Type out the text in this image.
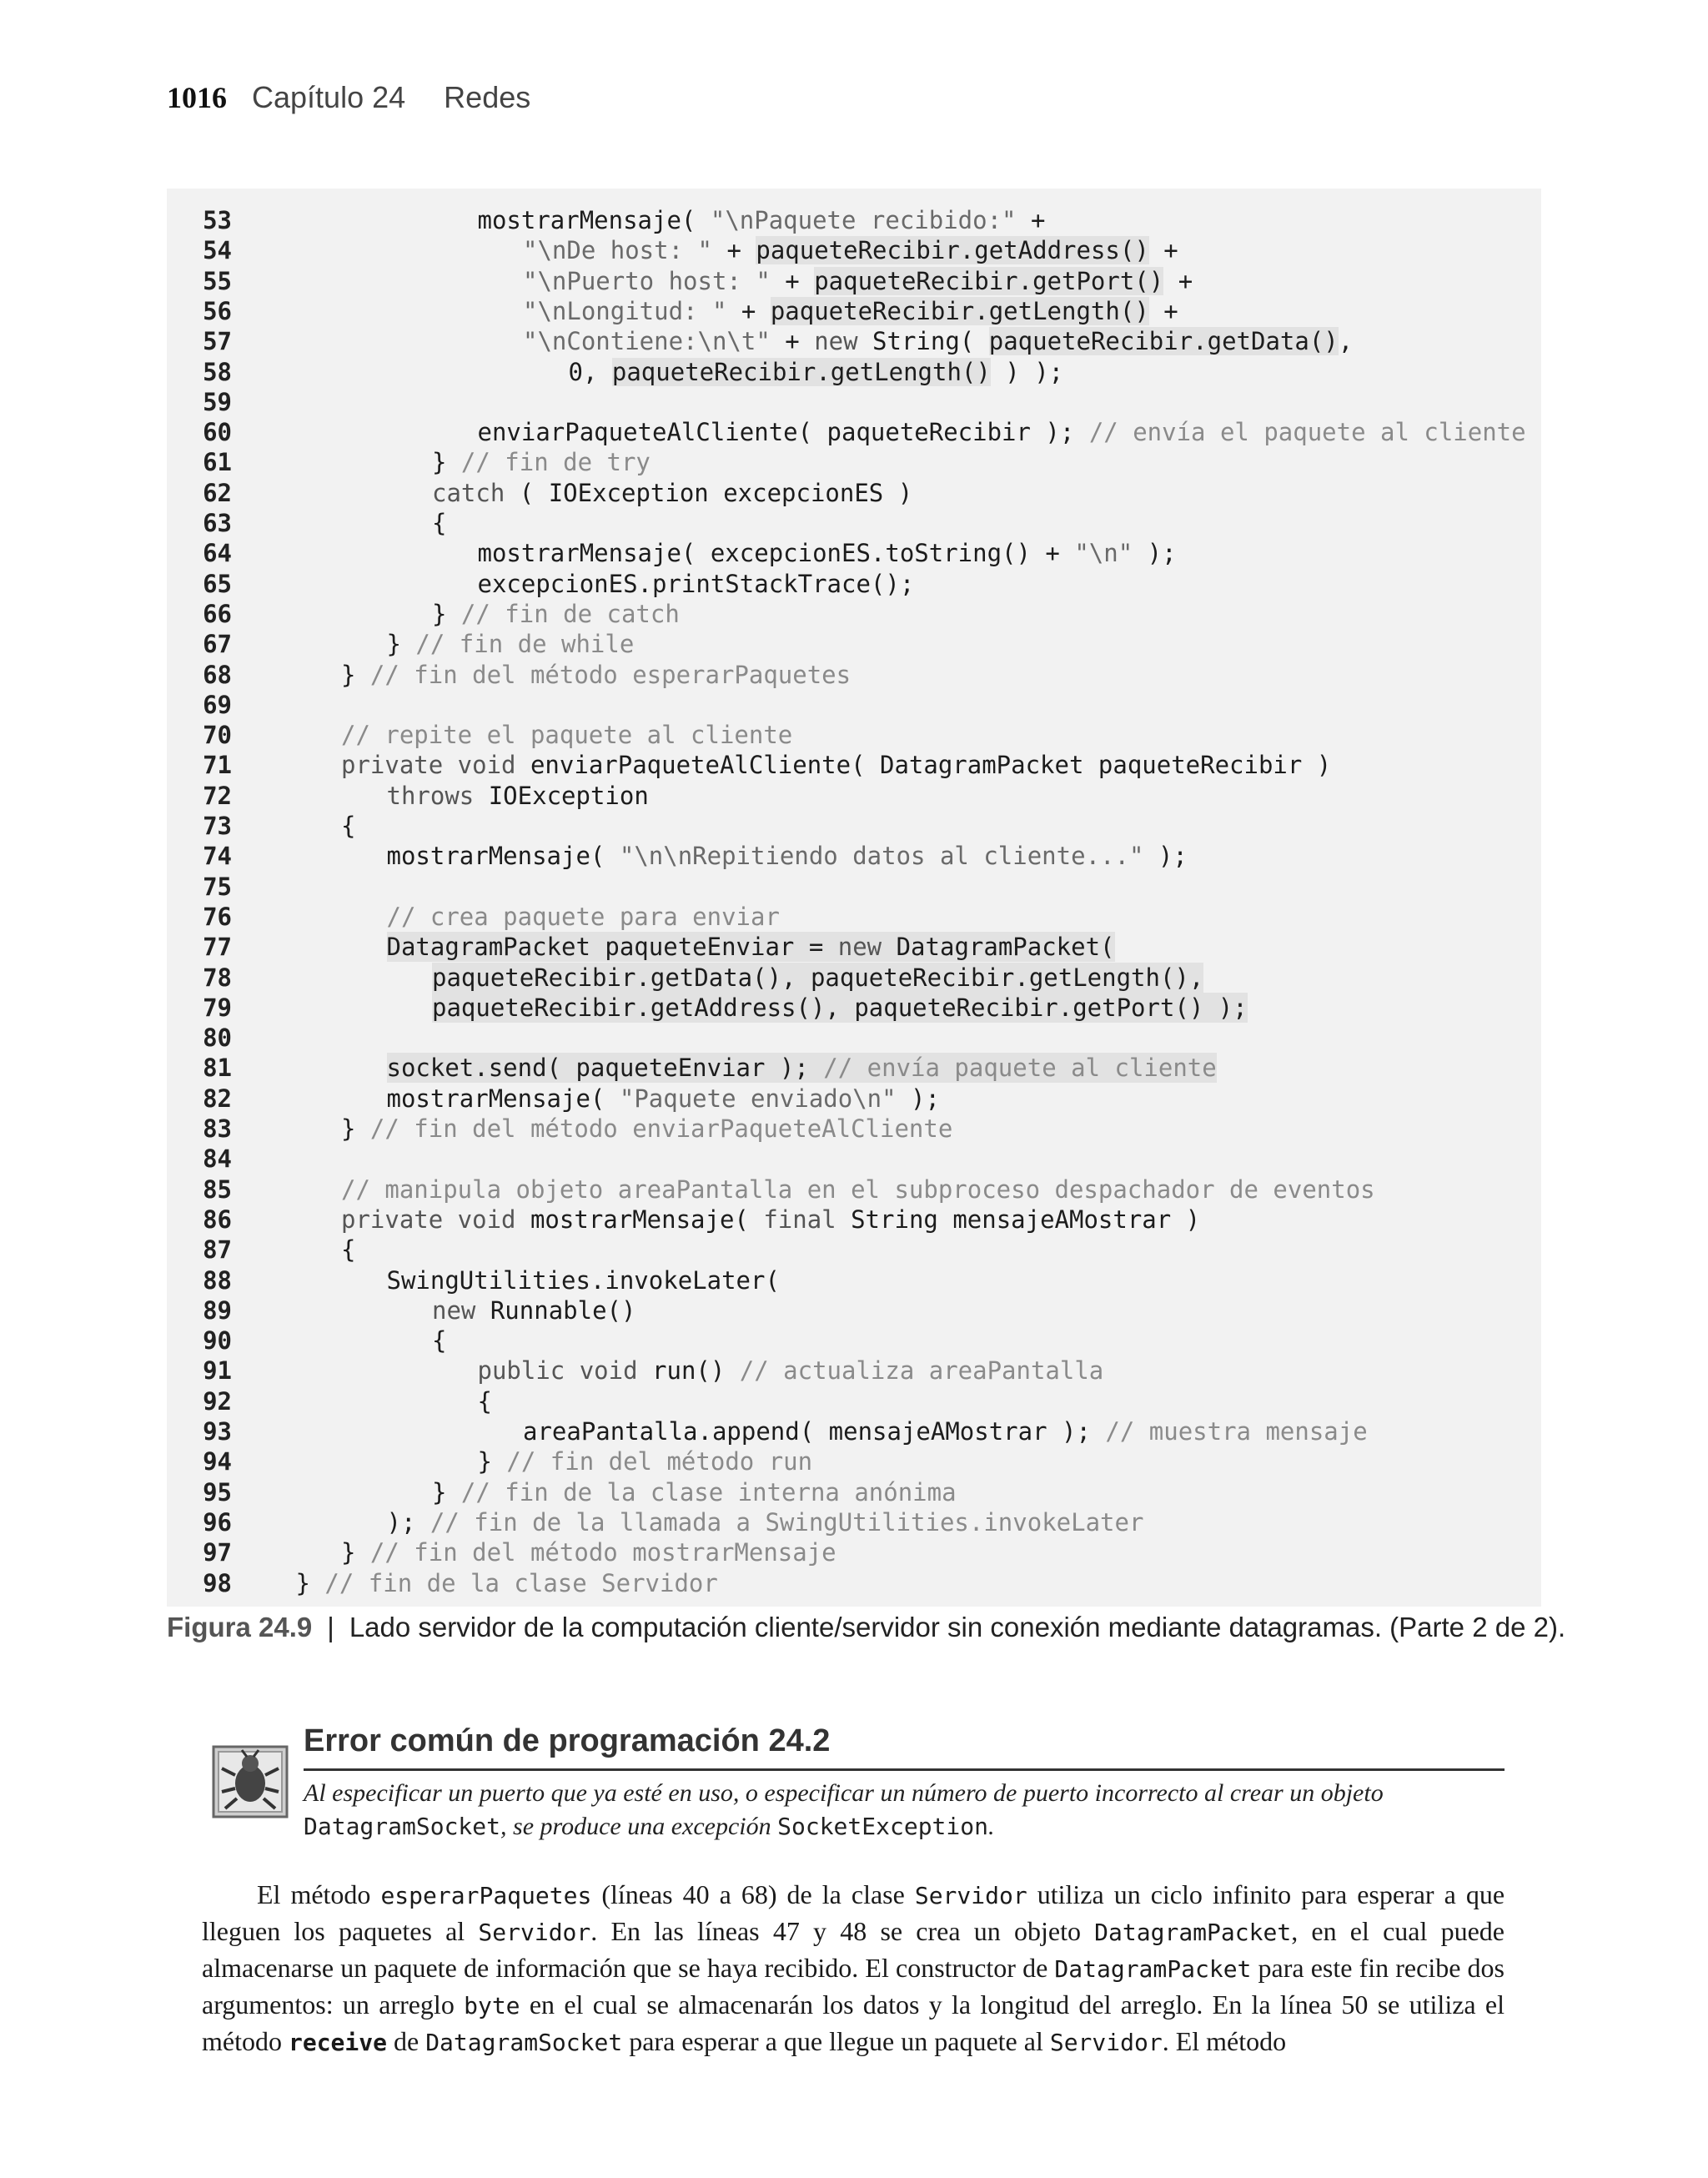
1016 Capítulo 24 Redes
53	mostrarMensaje( "\nPaquete recibido:" +
54	"\nDe host: " + paqueteRecibir.getAddress() +
55	"\nPuerto host: " + paqueteRecibir.getPort() +
56	"\nLongitud: " + paqueteRecibir.getLength() +
57	"\nContiene:\n\t" + new String( paqueteRecibir.getData(),
58	0, paqueteRecibir.getLength() ) );
59
60	enviarPaqueteAlCliente( paqueteRecibir ); // envía el paquete al cliente
61	} // fin de try
62	catch ( IOException excepcionES )
63	{
64	mostrarMensaje( excepcionES.toString() + "\n" );
65	excepcionES.printStackTrace();
66	} // fin de catch
67	} // fin de while
68	} // fin del método esperarPaquetes
69
70	// repite el paquete al cliente
71	private void enviarPaqueteAlCliente( DatagramPacket paqueteRecibir )
72	throws IOException
73	{
74	mostrarMensaje( "\n\nRepitiendo datos al cliente..." );
75
76	// crea paquete para enviar
77	DatagramPacket paqueteEnviar = new DatagramPacket(
78	paqueteRecibir.getData(), paqueteRecibir.getLength(),
79	paqueteRecibir.getAddress(), paqueteRecibir.getPort() );
80
81	socket.send( paqueteEnviar ); // envía paquete al cliente
82	mostrarMensaje( "Paquete enviado\n" );
83	} // fin del método enviarPaqueteAlCliente
84
85	// manipula objeto areaPantalla en el subproceso despachador de eventos
86	private void mostrarMensaje( final String mensajeAMostrar )
87	{
88	SwingUtilities.invokeLater(
89	new Runnable()
90	{
91	public void run() // actualiza areaPantalla
92	{
93	areaPantalla.append( mensajeAMostrar ); // muestra mensaje
94	} // fin del método run
95	} // fin de la clase interna anónima
96	); // fin de la llamada a SwingUtilities.invokeLater
97	} // fin del método mostrarMensaje
98	} // fin de la clase Servidor
Figura 24.9 | Lado servidor de la computación cliente/servidor sin conexión mediante datagramas. (Parte 2 de 2).
Error común de programación 24.2
Al especificar un puerto que ya esté en uso, o especificar un número de puerto incorrecto al crear un objeto DatagramSocket, se produce una excepción SocketException.
El método esperarPaquetes (líneas 40 a 68) de la clase Servidor utiliza un ciclo infinito para esperar a que lleguen los paquetes al Servidor. En las líneas 47 y 48 se crea un objeto DatagramPacket, en el cual puede almacenarse un paquete de información que se haya recibido. El constructor de DatagramPacket para este fin recibe dos argumentos: un arreglo byte en el cual se almacenarán los datos y la longitud del arreglo. En la línea 50 se utiliza el método receive de DatagramSocket para esperar a que llegue un paquete al Servidor. El método
